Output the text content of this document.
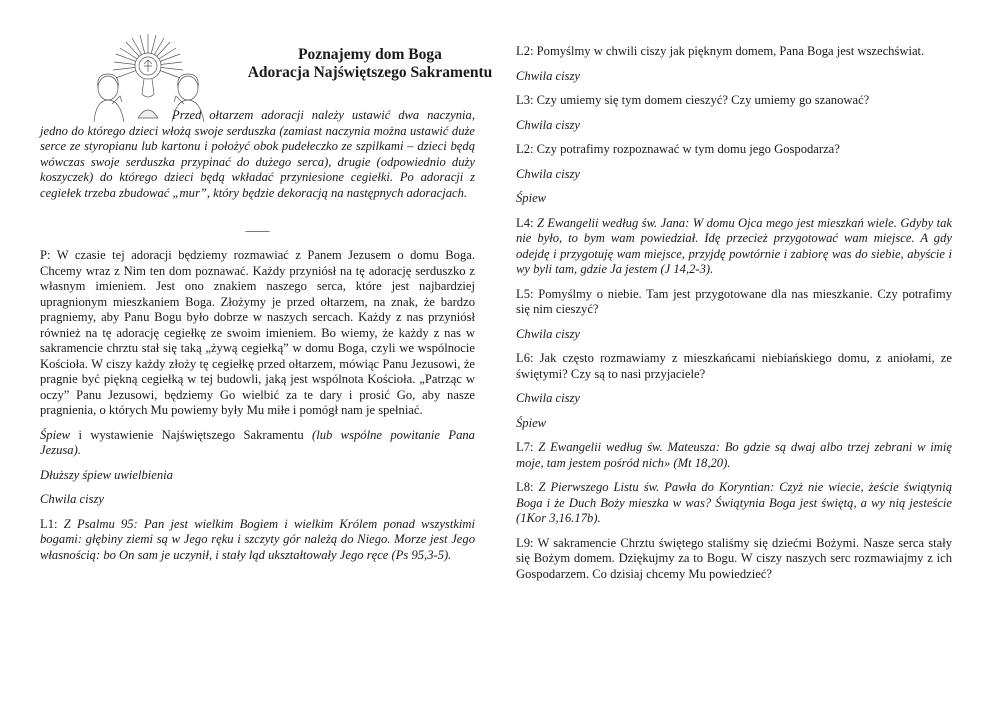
Poznajemy dom Boga
Adoracja Najświętszego Sakramentu

Przed ołtarzem adoracji należy ustawić dwa naczynia, jedno do którego dzieci włożą swoje serduszka (zamiast naczynia można ustawić duże serce ze styropianu lub kartonu i położyć obok pudełeczko ze szpilkami – dzieci będą wówczas swoje serduszka przypinać do dużego serca), drugie (odpowiednio duży koszyczek) do którego dzieci będą wkładać przyniesione cegiełki. Po adoracji z cegiełek trzeba zbudować „mur”, który będzie dekoracją na następnych adoracjach.

____

P: W czasie tej adoracji będziemy rozmawiać z Panem Jezusem o domu Boga. Chcemy wraz z Nim ten dom poznawać. Każdy przyniósł na tę adorację serduszko z własnym imieniem. Jest ono znakiem naszego serca, które jest najbardziej upragnionym mieszkaniem Boga. Złożymy je przed ołtarzem, na znak, że bardzo pragniemy, aby Panu Bogu było dobrze w naszych sercach. Każdy z nas przyniósł również na tę adorację cegiełkę ze swoim imieniem. Bo wiemy, że każdy z nas w sakramencie chrztu stał się taką „żywą cegiełką” w domu Boga, czyli we wspólnocie Kościoła. W ciszy każdy złoży tę cegiełkę przed ołtarzem, mówiąc Panu Jezusowi, że pragnie być piękną cegiełką w tej budowli, jaką jest wspólnota Kościoła. „Patrząc w oczy” Panu Jezusowi, będziemy Go wielbić za te dary i prosić Go, aby nasze pragnienia, o których Mu powiemy były Mu miłe i pomógł nam je spełniać.

Śpiew i wystawienie Najświętszego Sakramentu (lub wspólne powitanie Pana Jezusa).

Dłuższy śpiew uwielbienia

Chwila ciszy

L1: Z Psalmu 95: Pan jest wielkim Bogiem i wielkim Królem ponad wszystkimi bogami: głębiny ziemi są w Jego ręku i szczyty gór należą do Niego. Morze jest Jego własnością: bo On sam je uczynił, i stały ląd ukształtowały Jego ręce (Ps 95,3-5).

L2: Pomyślmy w chwili ciszy jak pięknym domem, Pana Boga jest wszechświat.

Chwila ciszy

L3: Czy umiemy się tym domem cieszyć? Czy umiemy go szanować?

Chwila ciszy

L2: Czy potrafimy rozpoznawać w tym domu jego Gospodarza?

Chwila ciszy

Śpiew

L4: Z Ewangelii według św. Jana: W domu Ojca mego jest mieszkań wiele. Gdyby tak nie było, to bym wam powiedział. Idę przecież przygotować wam miejsce. A gdy odejdę i przygotuję wam miejsce, przyjdę powtórnie i zabiorę was do siebie, abyście i wy byli tam, gdzie Ja jestem (J 14,2-3).

L5: Pomyślmy o niebie. Tam jest przygotowane dla nas mieszkanie. Czy potrafimy się nim cieszyć?

Chwila ciszy

L6: Jak często rozmawiamy z mieszkańcami niebiańskiego domu, z aniołami, ze świętymi? Czy są to nasi przyjaciele?

Chwila ciszy

Śpiew

L7: Z Ewangelii według św. Mateusza: Bo gdzie są dwaj albo trzej zebrani w imię moje, tam jestem pośród nich» (Mt 18,20).

L8: Z Pierwszego Listu św. Pawła do Koryntian: Czyż nie wiecie, żeście świątynią Boga i że Duch Boży mieszka w was? Świątynia Boga jest świętą, a wy nią jesteście (1Kor 3,16.17b).

L9: W sakramencie Chrztu świętego staliśmy się dziećmi Bożymi. Nasze serca stały się Bożym domem. Dziękujmy za to Bogu. W ciszy naszych serc rozmawiajmy z ich Gospodarzem. Co dzisiaj chcemy Mu powiedzieć?
